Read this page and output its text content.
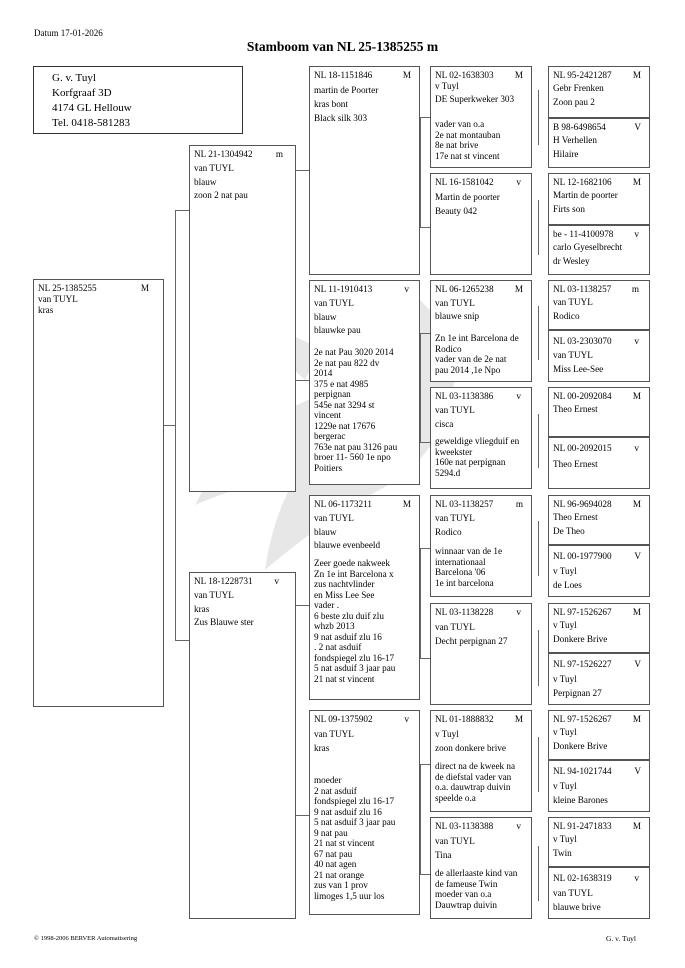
Datum 17-01-2026
Stamboom van NL 25-1385255 m
G. v. Tuyl
Korfgraaf 3D
4174 GL Hellouw
Tel. 0418-581283
NL 25-1385255	M
van TUYL
kras
NL 21-1304942	m
van TUYL
blauw
zoon 2 nat pau
NL 18-1228731 v
van TUYL
kras
Zus Blauwe ster
NL 18-1151846	M
martin de Poorter
kras bont
Black silk 303
NL 11-1910413	v
van TUYL
blauw
blauwke pau
2e nat Pau 3020 2014
2e nat pau 822 dv
2014
375 e nat 4985
perpignan
545e nat 3294 st
vincent
1229e nat 17676
bergerac
763e nat pau 3126 pau
broer 11- 560 1e npo
Poitiers
NL 06-1173211	M
van TUYL
blauw
blauwe evenbeeld
Zeer goede nakweek
Zn 1e int Barcelona x
zus nachtvlinder
en Miss Lee See
vader .
6 beste zlu duif zlu
whzb 2013
9 nat asduif zlu 16
. 2 nat asduif
fondspiegel zlu 16-17
5 nat asduif 3 jaar pau
21 nat st vincent
NL 09-1375902	v
van TUYL
kras
moeder
2 nat asduif
fondspiegel zlu 16-17
9 nat asduif zlu 16
5 nat asduif 3 jaar pau
9 nat pau
21 nat st vincent
67 nat pau
40 nat agen
21 nat orange
zus van 1 prov
limoges 1,5 uur los
NL 02-1638303 M
v Tuyl
DE Superkweker 303
vader van o.a
2e nat montauban
8e nat brive
17e nat st vincent
NL 16-1581042 v
Martin de poorter
Beauty 042
NL 06-1265238 M
van TUYL
blauwe snip
Zn 1e int Barcelona de
Rodico
vader van de 2e nat
pau 2014 ,1e Npo
NL 03-1138386	v
van TUYL
cisca
geweldige vliegduif en
kweekster
160e nat perpignan
5294.d
NL 03-1138257 m
van TUYL
Rodico
winnaar van de 1e
internationaal
Barcelona '06
1e int barcelona
NL 03-1138228	v
van TUYL
Decht perpignan 27
NL 01-1888832 M
v Tuyl
zoon donkere brive
direct na de kweek na
de diefstal vader van
o.a. dauwtrap duivin
speelde o.a
NL 03-1138388	v
van TUYL
Tina
de allerlaaste kind van
de fameuse Twin
moeder van o.a
Dauwtrap duivin
NL 95-2421287 M
Gebr Frenken
Zoon pau 2
B 98-6498654	V
H Verhellen
Hilaire
NL 12-1682106 M
Martin de poorter
Firts son
be - 11-4100978 v
carlo Gyeselbrecht
dr Wesley
NL 03-1138257 m
van TUYL
Rodico
NL 03-2303070 v
van TUYL
Miss Lee-See
NL 00-2092084 M
Theo Ernest
NL 00-2092015 v
Theo Ernest
NL 96-9694028 M
Theo Ernest
De Theo
NL 00-1977900 V
v Tuyl
de Loes
NL 97-1526267 M
v Tuyl
Donkere Brive
NL 97-1526227 V
v Tuyl
Perpignan 27
NL 97-1526267 M
v Tuyl
Donkere Brive
NL 94-1021744 V
v Tuyl
kleine Barones
NL 91-2471833 M
v Tuyl
Twin
NL 02-1638319 v
van TUYL
blauwe brive
© 1998-2006 BERVER Automatisering	G. v. Tuyl
